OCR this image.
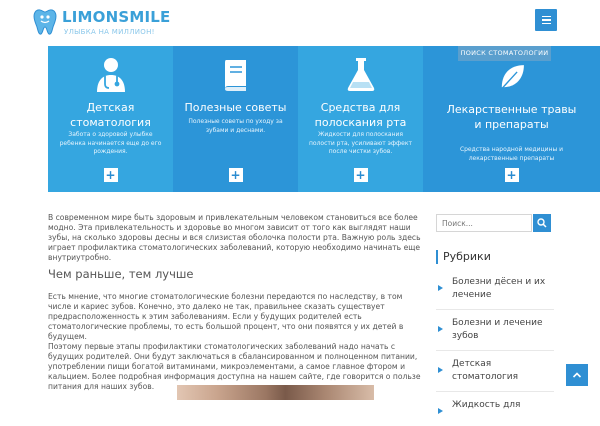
LIMONSMILE
УЛЫБКА НА МИЛЛИОН!
Детская стоматология
Забота о здоровой улыбке ребенка начинается еще до его рождения.
+
Полезные советы
Полезные советы по уходу за зубами и деснами.
+
Средства для полоскания рта
Жидкости для полоскания полости рта, усиливают эффект после чистки зубов.
+
Лекарственные травы и препараты
Средства народной медицины и лекарственные препараты
+
ПОИСК СТОМАТОЛОГИИ

В современном мире быть здоровым и привлекательным человеком становиться все более модно. Эта привлекательность и здоровье во многом зависит от того как выглядят наши зубы, на сколько здоровы десны и вся слизистая оболочка полости рта. Важную роль здесь играет профилактика стоматологических заболеваний, которую необходимо начинать еще внутриутробно.

Чем раньше, тем лучше

Есть мнение, что многие стоматологические болезни передаются по наследству, в том числе и кариес зубов. Конечно, это далеко не так, правильнее сказать существует предрасположенность к этим заболеваниям. Если у будущих родителей есть стоматологические проблемы, то есть большой процент, что они появятся у их детей в будущем.

Поэтому первые этапы профилактики стоматологических заболеваний надо начать с будущих родителей. Они будут заключаться в сбалансированном и полноценном питании, употреблении пищи богатой витаминами, микроэлементами, а самое главное фтором и кальцием. Более подробная информация доступна на нашем сайте, где говорится о пользе питания для наших зубов.

Поиск...
Рубрики
Болезни дёсен и их лечение
Болезни и лечение зубов
Детская стоматология
Жидкость для
